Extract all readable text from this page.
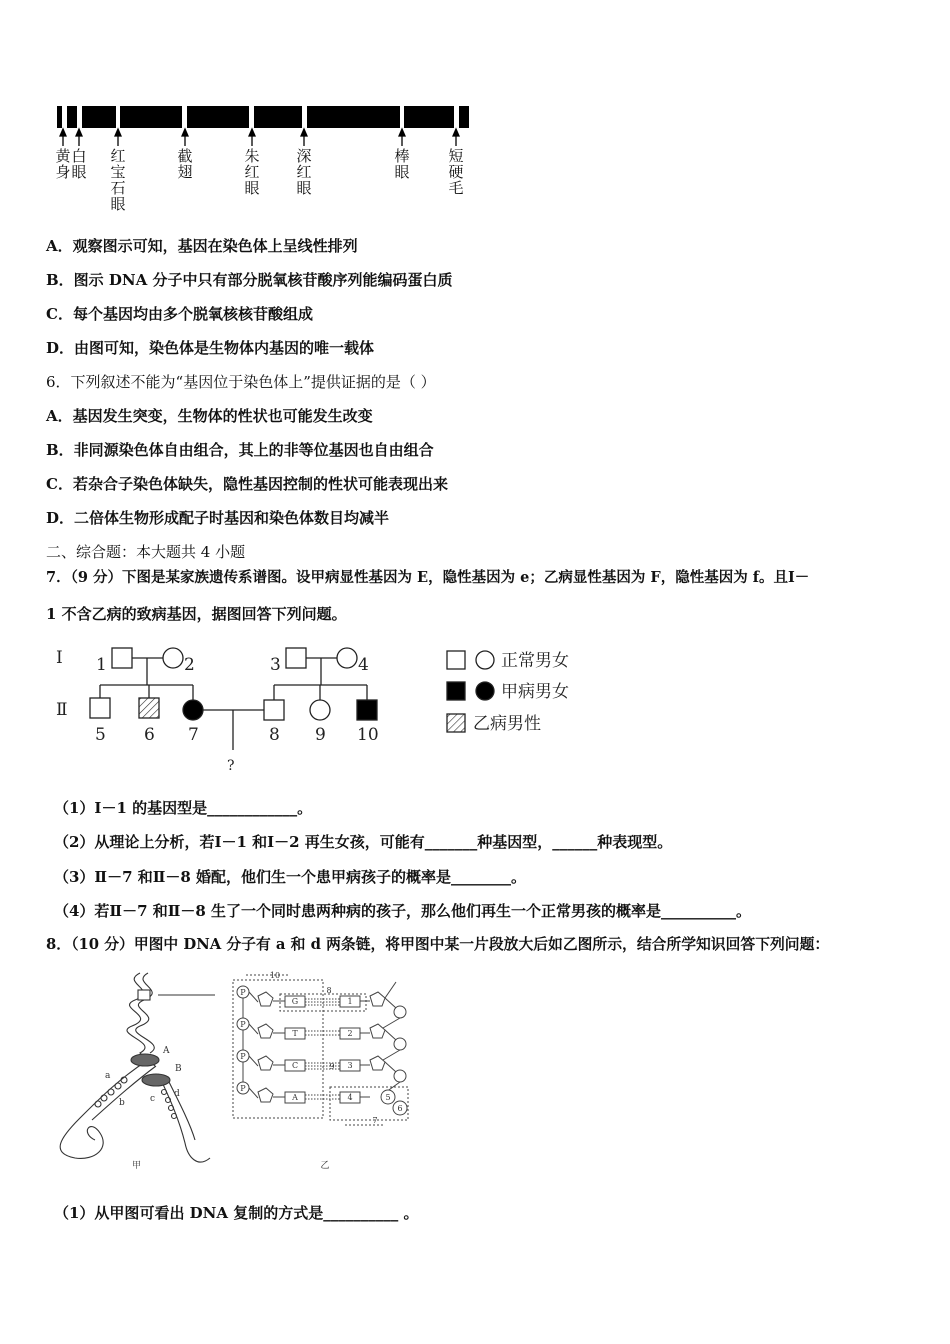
黄身
白眼
红宝石眼
截翅
朱红眼
深红眼
棒眼
短硬毛
A．观察图示可知，基因在染色体上呈线性排列
B．图示 DNA 分子中只有部分脱氧核苷酸序列能编码蛋白质
C．每个基因均由多个脱氧核核苷酸组成
D．由图可知，染色体是生物体内基因的唯一载体
6．下列叙述不能为“基因位于染色体上”提供证据的是（ ）
A．基因发生突变，生物体的性状也可能发生改变
B．非同源染色体自由组合，其上的非等位基因也自由组合
C．若杂合子染色体缺失，隐性基因控制的性状可能表现出来
D．二倍体生物形成配子时基因和染色体数目均减半
二、综合题：本大题共 4 小题
7．（9 分）下图是某家族遗传系谱图。设甲病显性基因为 E，隐性基因为 e；乙病显性基因为 F，隐性基因为 f。且Ⅰ－
1 不含乙病的致病基因，据图回答下列问题。
Ⅰ
Ⅱ
1	2	3	4
5 6 7	8 9 10
?
正常男女
甲病男女
乙病男性
（1）Ⅰ－1 的基因型是____________。
（2）从理论上分析，若Ⅰ－1 和Ⅰ－2 再生女孩，可能有_______种基因型，______种表现型。
（3）Ⅱ－7 和Ⅱ－8 婚配，他们生一个患甲病孩子的概率是________。
（4）若Ⅱ－7 和Ⅱ－8 生了一个同时患两种病的孩子，那么他们再生一个正常男孩的概率是__________。
8．（10 分）甲图中 DNA 分子有 a 和 d 两条链，将甲图中某一片段放大后如乙图所示，结合所学知识回答下列问题：
A
B
a
b	c d
甲
P
P
P
P
G
T
C
A
1
2
3
4	5
6
7
8
9
10
乙
（1）从甲图可看出 DNA 复制的方式是__________ 。
